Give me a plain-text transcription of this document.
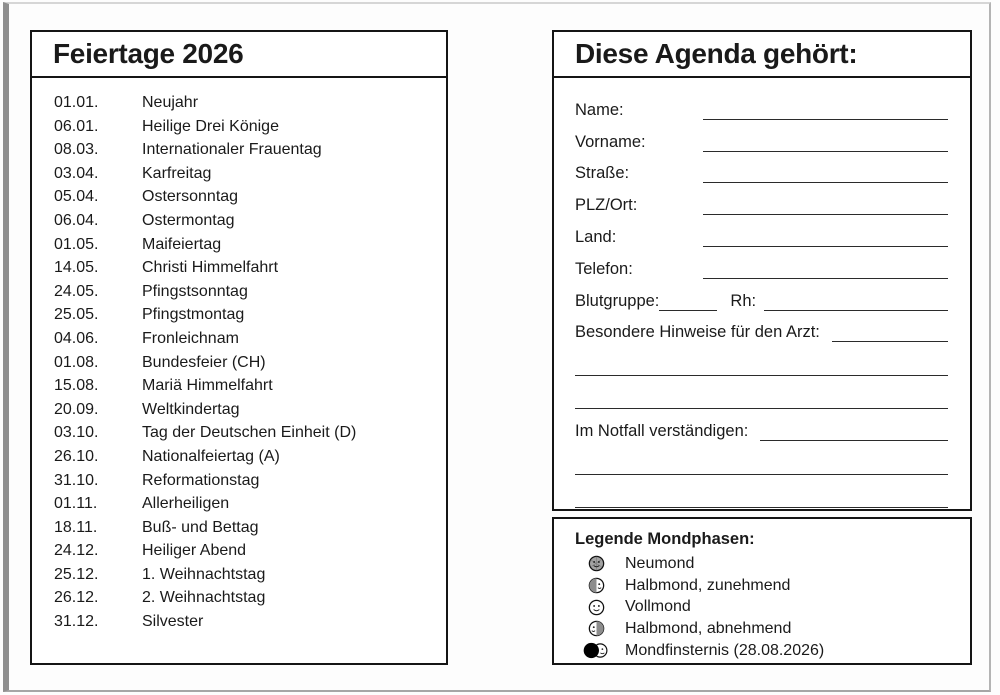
Feiertage 2026
01.01.	Neujahr
06.01.	Heilige Drei Könige
08.03.	Internationaler Frauentag
03.04.	Karfreitag
05.04.	Ostersonntag
06.04.	Ostermontag
01.05.	Maifeiertag
14.05.	Christi Himmelfahrt
24.05.	Pfingstsonntag
25.05.	Pfingstmontag
04.06.	Fronleichnam
01.08.	Bundesfeier (CH)
15.08.	Mariä Himmelfahrt
20.09.	Weltkindertag
03.10.	Tag der Deutschen Einheit (D)
26.10.	Nationalfeiertag (A)
31.10.	Reformationstag
01.11.	Allerheiligen
18.11.	Buß- und Bettag
24.12.	Heiliger Abend
25.12.	1. Weihnachtstag
26.12.	2. Weihnachtstag
31.12.	Silvester
Diese Agenda gehört:
Name:
Vorname:
Straße:
PLZ/Ort:
Land:
Telefon:
Blutgruppe:	Rh:
Besondere Hinweise für den Arzt:
Im Notfall verständigen:
Legende Mondphasen:
Neumond
Halbmond, zunehmend
Vollmond
Halbmond, abnehmend
Mondfinsternis (28.08.2026)
